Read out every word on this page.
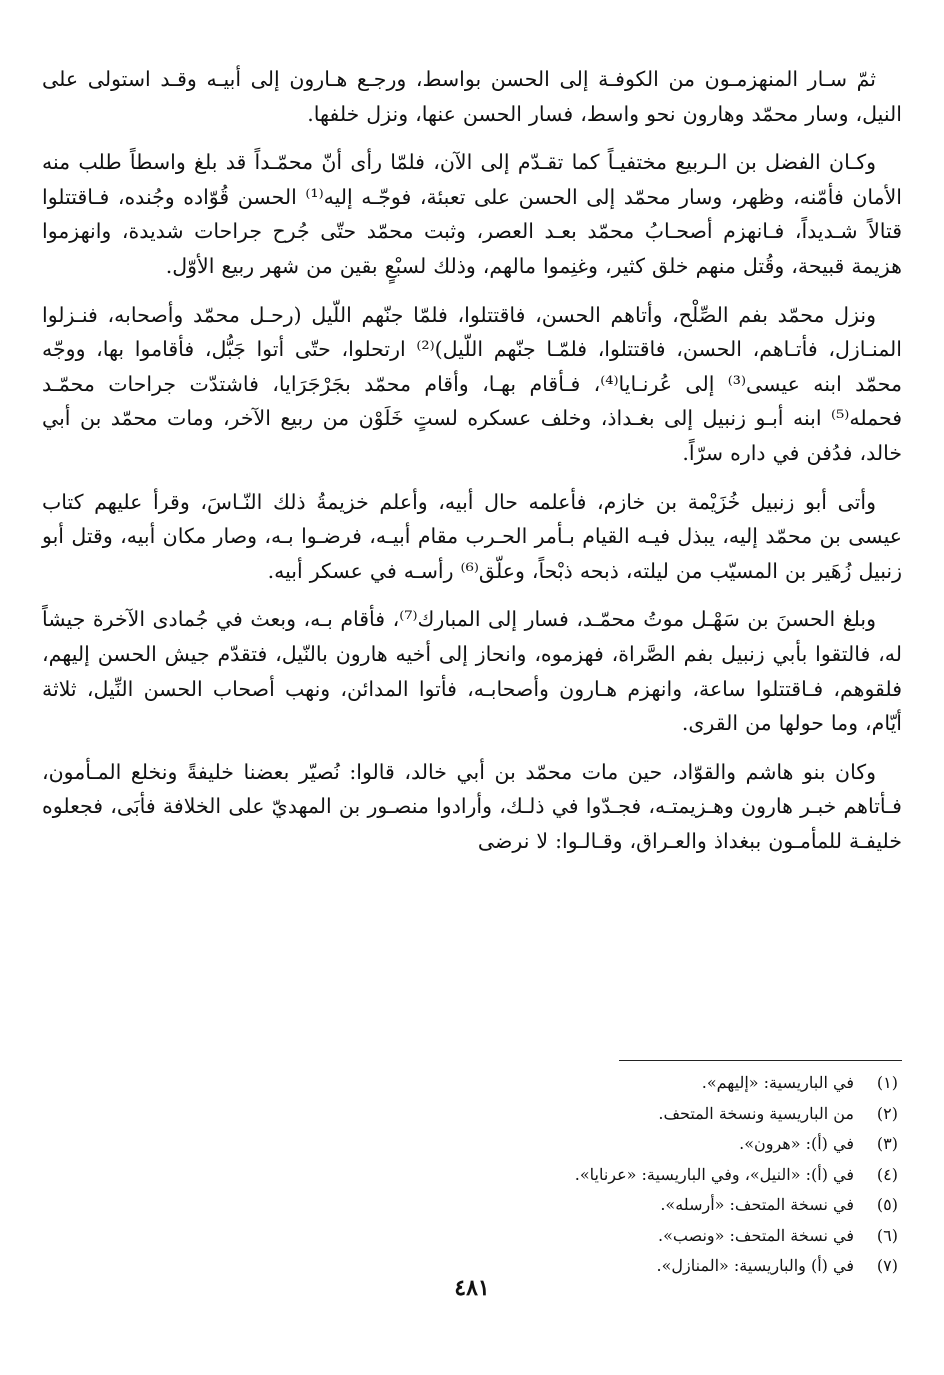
ثمّ سـار المنهزمـون من الكوفـة إلى الحسن بواسط، ورجـع هـارون إلى أبيـه وقـد استولى على النيل، وسار محمّد وهارون نحو واسط، فسار الحسن عنها، ونزل خلفها.

وكـان الفضل بن الـربيع مختفيـاً كما تقـدّم إلى الآن، فلمّا رأى أنّ محمّـداً قد بلغ واسطاً طلب منه الأمان فأمّنه، وظهر، وسار محمّد إلى الحسن على تعبئة، فوجّـه إليه⁽¹⁾ الحسن قُوّاده وجُنده، فـاقتتلوا قتالاً شـديداً، فـانهزم أصحـابُ محمّد بعـد العصر، وثبت محمّد حتّى جُرح جراحات شديدة، وانهزموا هزيمة قبيحة، وقُتل منهم خلق كثير، وغنِموا مالهم، وذلك لسبْعٍ بقين من شهر ربيع الأوّل.

ونزل محمّد بفم الصِّلْح، وأتاهم الحسن، فاقتتلوا، فلمّا جنّهم اللّيل (رحـل محمّد وأصحابه، فنـزلوا المنـازل، فأتـاهم، الحسن، فاقتتلوا، فلمّـا جنّهم اللّيل)⁽²⁾ ارتحلوا، حتّى أتوا جَبُّل، فأقاموا بها، ووجّه محمّد ابنه عيسى⁽³⁾ إلى عُرنـايا⁽⁴⁾، فـأقام بهـا، وأقام محمّد بجَرْجَرَايا، فاشتدّت جراحات محمّـد فحمله⁽⁵⁾ ابنه أبـو زنبيل إلى بغـداذ، وخلف عسكره لستٍ خَلَوْن من ربيع الآخر، ومات محمّد بن أبي خالد، فدُفن في داره سرّاً.

وأتى أبو زنبيل خُزَيْمة بن خازم، فأعلمه حال أبيه، وأعلم خزيمةُ ذلك النّـاسَ، وقرأ عليهم كتاب عيسى بن محمّد إليه، يبذل فيـه القيام بـأمر الحـرب مقام أبيـه، فرضـوا بـه، وصار مكان أبيه، وقتل أبو زنبيل زُهَير بن المسيّب من ليلته، ذبحه ذبْحاً، وعلّق⁽⁶⁾ رأسـه في عسكر أبيه.

وبلغ الحسنَ بن سَهْـل موتُ محمّـد، فسار إلى المبارك⁽⁷⁾، فأقام بـه، وبعث في جُمادى الآخرة جيشاً له، فالتقوا بأبي زنبيل بفم الصَّراة، فهزموه، وانحاز إلى أخيه هارون بالنّيل، فتقدّم جيش الحسن إليهم، فلقوهم، فـاقتتلوا ساعة، وانهزم هـارون وأصحابـه، فأتوا المدائن، ونهب أصحاب الحسن النِّيل، ثلاثة أيّام، وما حولها من القرى.

وكان بنو هاشم والقوّاد، حين مات محمّد بن أبي خالد، قالوا: نُصيّر بعضنا خليفةً ونخلع المـأمون، فـأتاهم خبـر هارون وهـزيمتـه، فجـدّوا في ذلـك، وأرادوا منصـور بن المهديّ على الخلافة فأبَى، فجعلوه خليفـة للمأمـون ببغداذ والعـراق، وقـالـوا: لا نرضى

(١)
في الباريسية: «إليهم».
(٢)
من الباريسية ونسخة المتحف.
(٣)
في (أ): «هرون».
(٤)
في (أ): «النيل»، وفي الباريسية: «عرنايا».
(٥)
في نسخة المتحف: «أرسله».
(٦)
في نسخة المتحف: «ونصب».
(٧)
في (أ) والباريسية: «المنازل».
٤٨١
